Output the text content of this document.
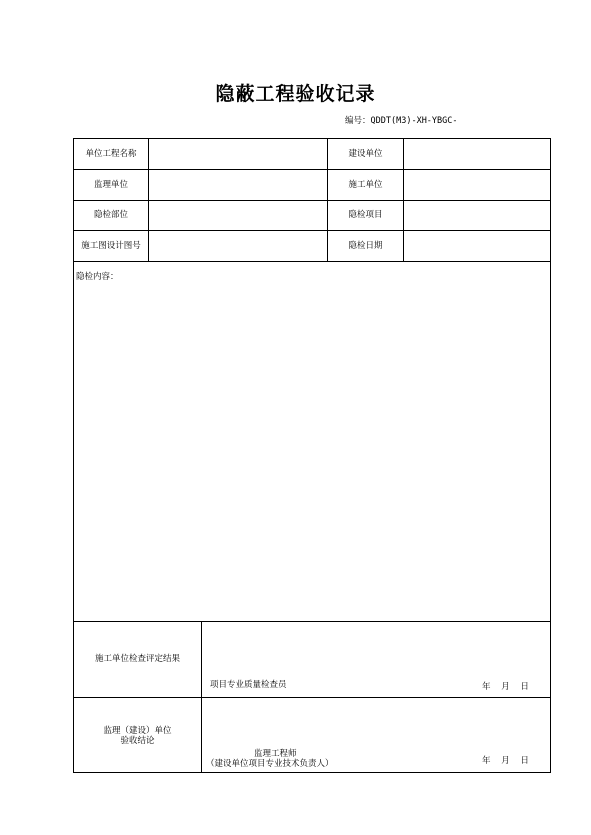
隐蔽工程验收记录
编号：QDDT(M3)-XH-YBGC-
单位工程名称	建设单位
监理单位	施工单位
隐检部位	隐检项目
施工图设计图号	隐检日期
隐检内容：
施工单位检查评定结果
项目专业质量检查员	年 月 日
监理（建设）单位
验收结论
监理工程师
（建设单位项目专业技术负责人）	年 月 日
